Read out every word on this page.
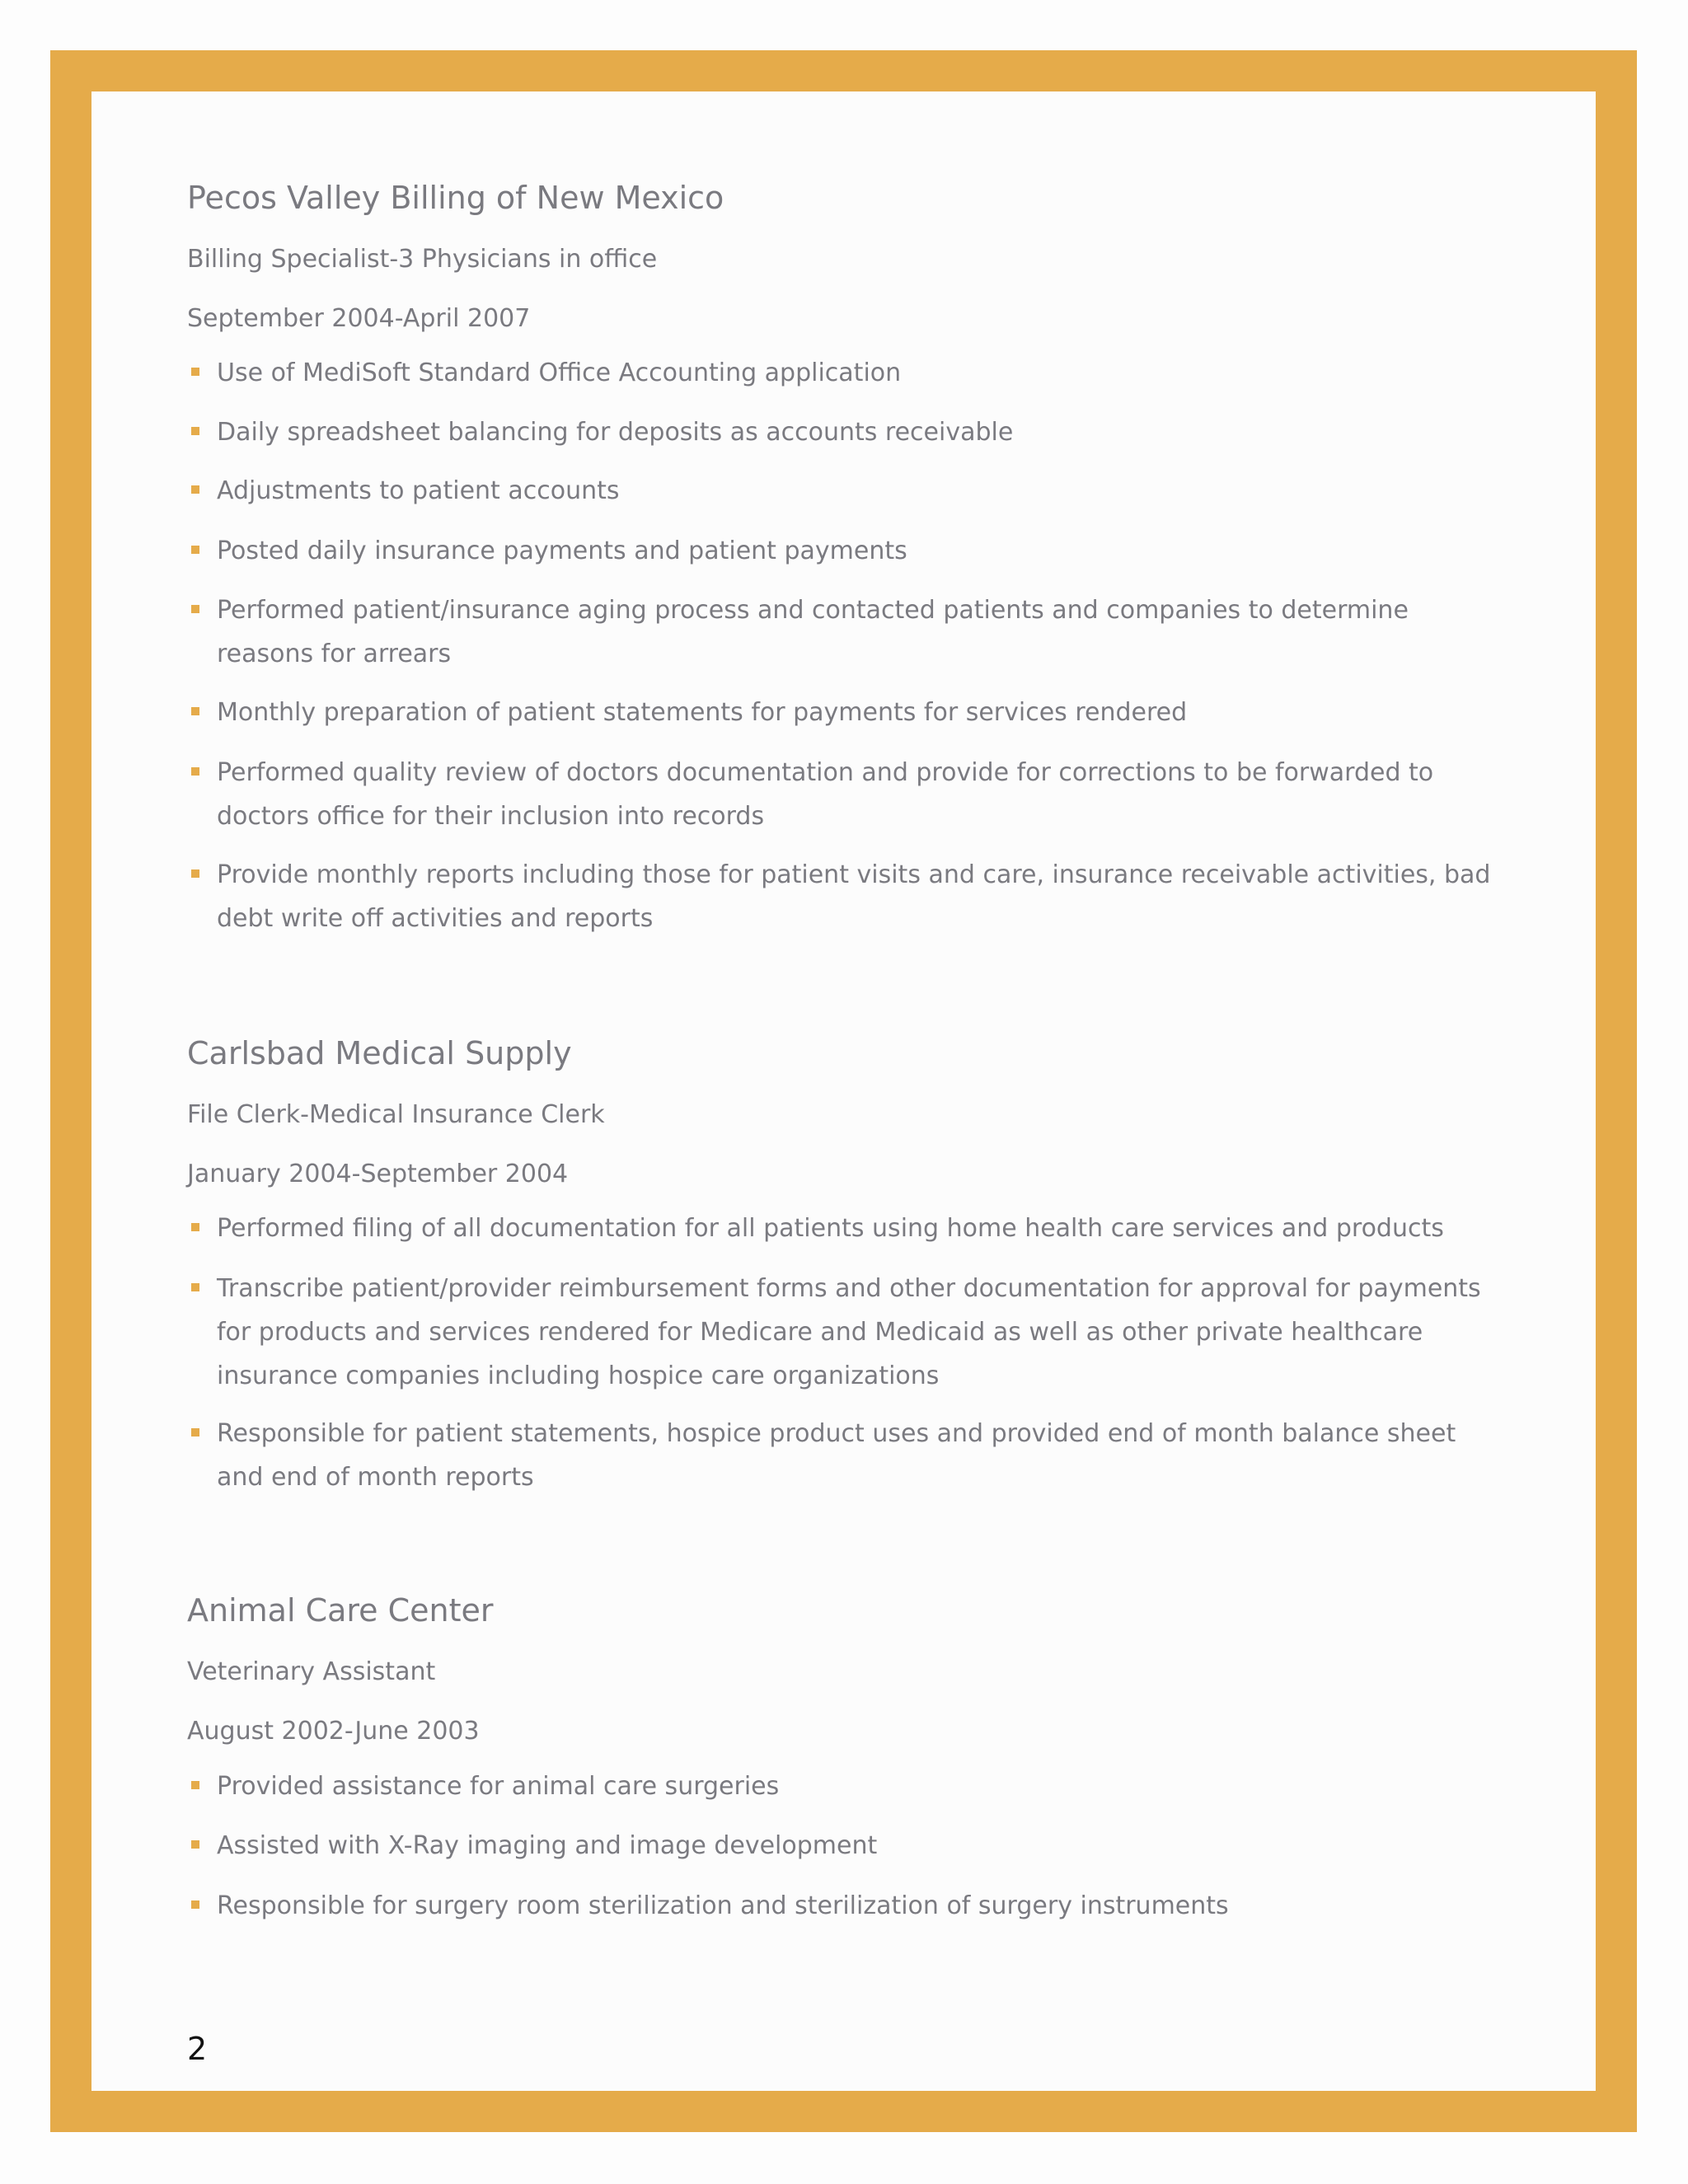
Pecos Valley Billing of New Mexico

Billing Specialist-3 Physicians in office

September 2004-April 2007

Use of MediSoft Standard Office Accounting application
Daily spreadsheet balancing for deposits as accounts receivable
Adjustments to patient accounts
Posted daily insurance payments and patient payments
Performed patient/insurance aging process and contacted patients and companies to determine reasons for arrears
Monthly preparation of patient statements for payments for services rendered
Performed quality review of doctors documentation and provide for corrections to be forwarded to doctors office for their inclusion into records
Provide monthly reports including those for patient visits and care, insurance receivable activities, bad debt write off activities and reports
Carlsbad Medical Supply

File Clerk-Medical Insurance Clerk

January 2004-September 2004

Performed filing of all documentation for all patients using home health care services and products
Transcribe patient/provider reimbursement forms and other documentation for approval for payments for products and services rendered for Medicare and Medicaid as well as other private healthcare insurance companies including hospice care organizations
Responsible for patient statements, hospice product uses and provided end of month balance sheet and end of month reports
Animal Care Center

Veterinary Assistant

August 2002-June 2003

Provided assistance for animal care surgeries
Assisted with X-Ray imaging and image development
Responsible for surgery room sterilization and sterilization of surgery instruments
2
